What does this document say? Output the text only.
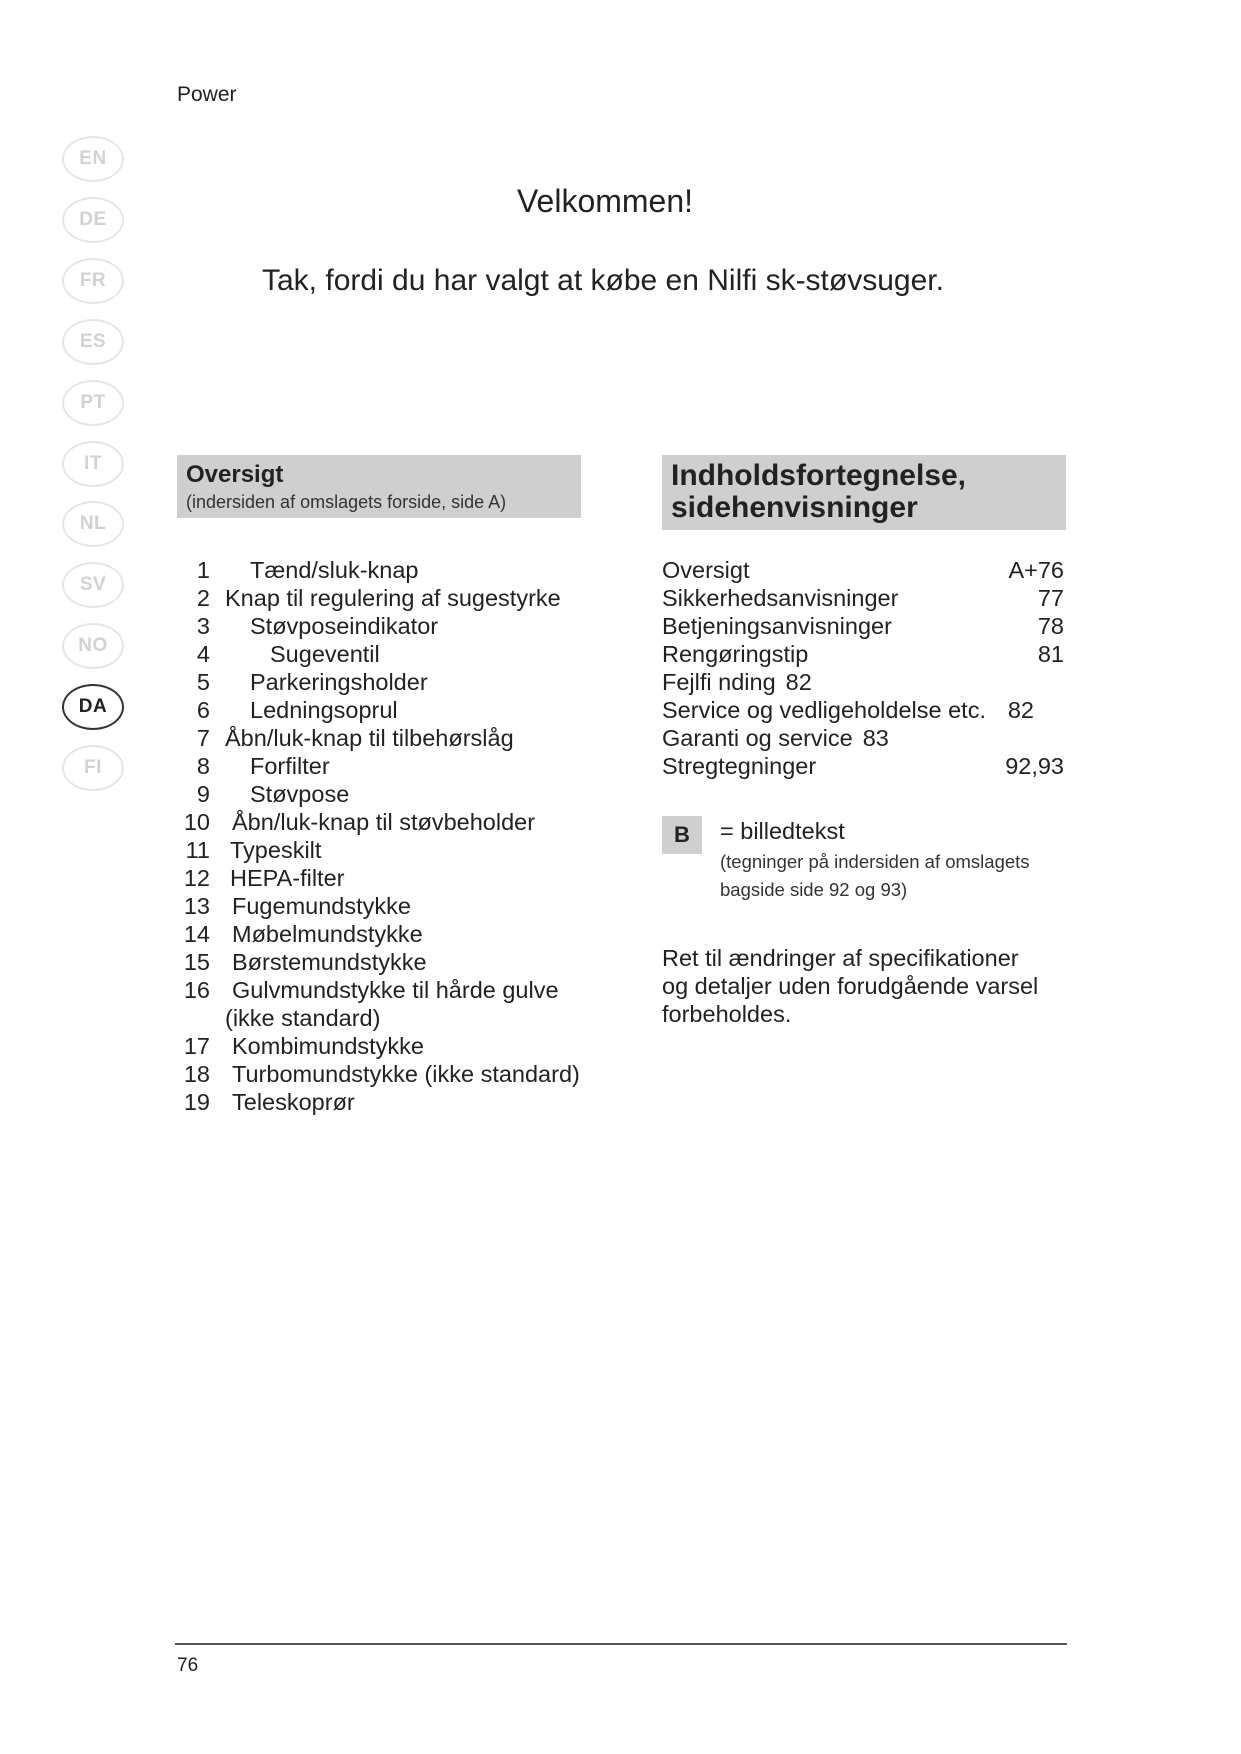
Power
EN
DE
FR
ES
PT
IT
NL
SV
NO
DA
FI
Velkommen!
Tak, fordi du har valgt at købe en Nilfi sk-støvsuger.
Oversigt
(indersiden af omslagets forside, side A)
Indholdsfortegnelse,
sidehenvisninger
1 Tænd/sluk-knap
2 Knap til regulering af sugestyrke
3 Støvposeindikator
4	Sugeventil
5 Parkeringsholder
6 Ledningsoprul
7 Åbn/luk-knap til tilbehørslåg
8 Forfilter
9 Støvpose
10 Åbn/luk-knap til støvbeholder
11 Typeskilt
12 HEPA-filter
13 Fugemundstykke
14 Møbelmundstykke
15 Børstemundstykke
16 Gulvmundstykke til hårde gulve
(ikke standard)
17 Kombimundstykke
18 Turbomundstykke (ikke standard)
19 Teleskoprør
Oversigt	A+76
Sikkerhedsanvisninger	77
Betjeningsanvisninger	78
Rengøringstip	81
Fejlfi nding 82
Service og vedligeholdelse etc. 82
Garanti og service 83
Stregtegninger	92,93
B	= billedtekst
(tegninger på indersiden af omslagets
bagside side 92 og 93)
Ret til ændringer af specifikationer
og detaljer uden forudgående varsel
forbeholdes.
76
